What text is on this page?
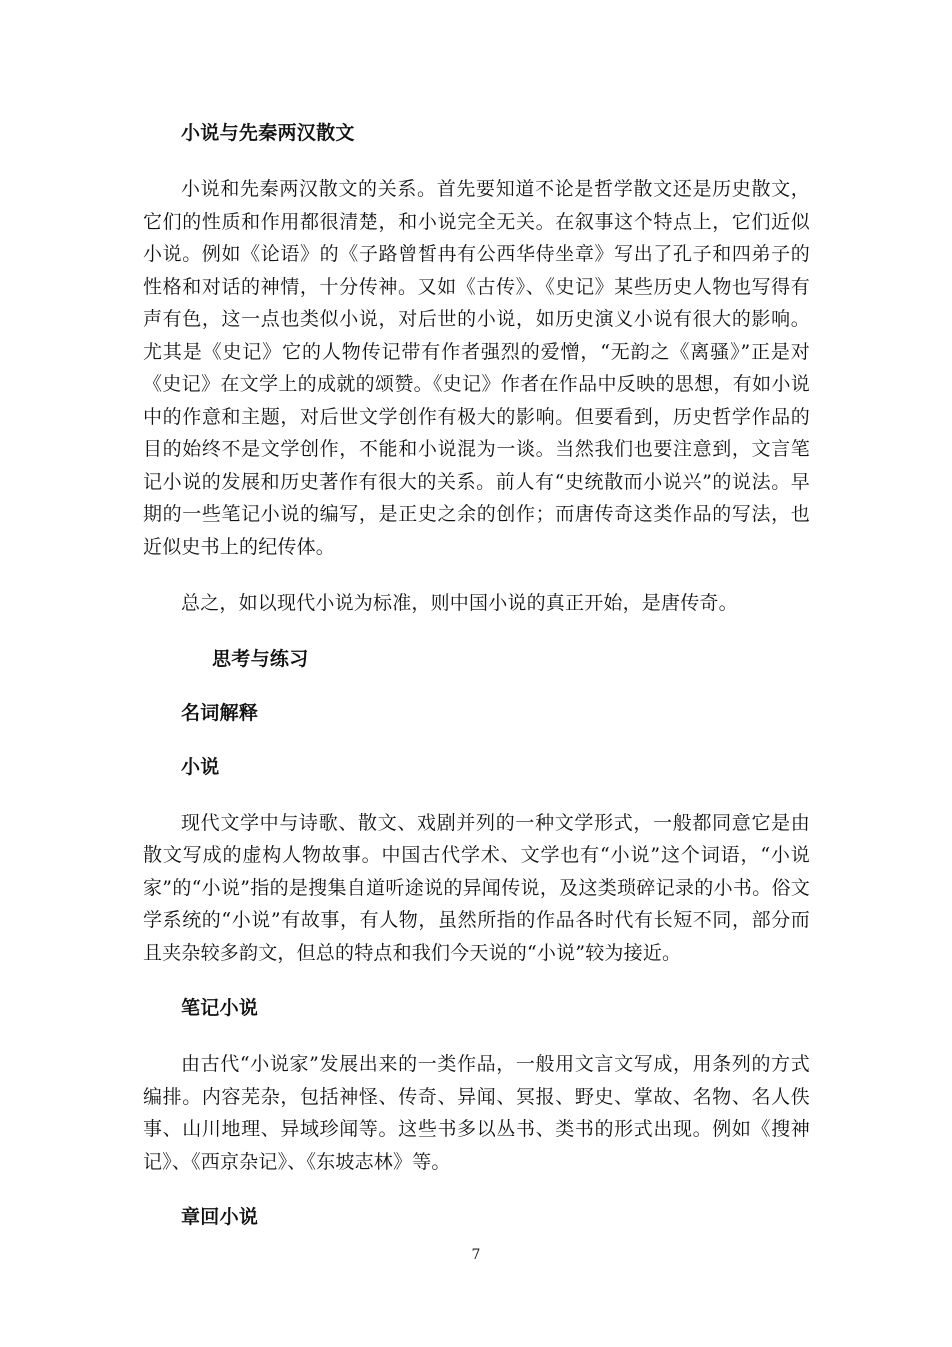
小说与先秦两汉散文

小说和先秦两汉散文的关系。首先要知道不论是哲学散文还是历史散文，它们的性质和作用都很清楚，和小说完全无关。在叙事这个特点上，它们近似小说。例如《论语》的《子路曾皙冉有公西华侍坐章》写出了孔子和四弟子的性格和对话的神情，十分传神。又如《古传》、《史记》某些历史人物也写得有声有色，这一点也类似小说，对后世的小说，如历史演义小说有很大的影响。尤其是《史记》它的人物传记带有作者强烈的爱憎，“无韵之《离骚》”正是对《史记》在文学上的成就的颂赞。《史记》作者在作品中反映的思想，有如小说中的作意和主题，对后世文学创作有极大的影响。但要看到，历史哲学作品的目的始终不是文学创作，不能和小说混为一谈。当然我们也要注意到，文言笔记小说的发展和历史著作有很大的关系。前人有“史统散而小说兴”的说法。早期的一些笔记小说的编写，是正史之余的创作；而唐传奇这类作品的写法，也近似史书上的纪传体。

总之，如以现代小说为标准，则中国小说的真正开始，是唐传奇。

思考与练习
名词解释
小说

现代文学中与诗歌、散文、戏剧并列的一种文学形式，一般都同意它是由散文写成的虚构人物故事。中国古代学术、文学也有“小说”这个词语，“小说家”的“小说”指的是搜集自道听途说的异闻传说，及这类琐碎记录的小书。俗文学系统的“小说”有故事，有人物，虽然所指的作品各时代有长短不同，部分而且夹杂较多韵文，但总的特点和我们今天说的“小说”较为接近。

笔记小说

由古代“小说家”发展出来的一类作品，一般用文言文写成，用条列的方式编排。内容芜杂，包括神怪、传奇、异闻、冥报、野史、掌故、名物、名人佚事、山川地理、异域珍闻等。这些书多以丛书、类书的形式出现。例如《搜神记》、《西京杂记》、《东坡志林》等。

章回小说
7
